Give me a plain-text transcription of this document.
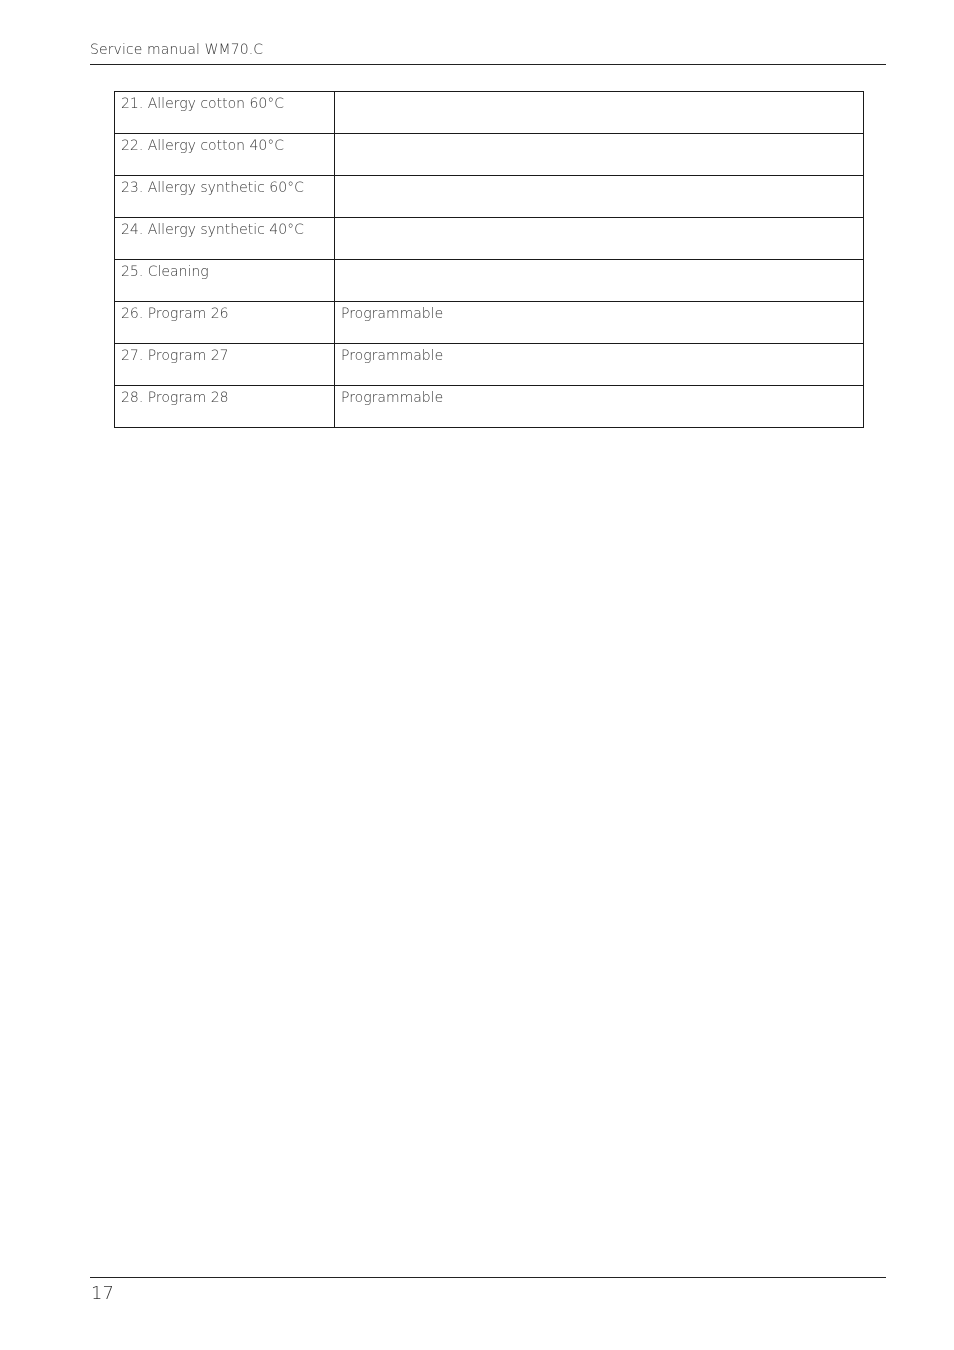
Service manual WM70.C
21. Allergy cotton 60°C	
22. Allergy cotton 40°C	
23. Allergy synthetic 60°C	
24. Allergy synthetic 40°C	
25. Cleaning	
26. Program 26	Programmable
27. Program 27	Programmable
28. Program 28	Programmable
17
